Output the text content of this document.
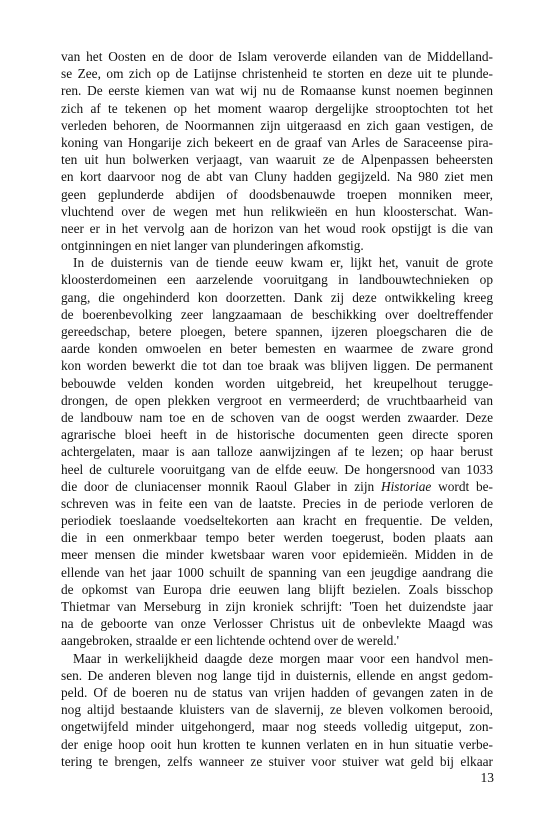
van het Oosten en de door de Islam veroverde eilanden van de Middelland-
se Zee, om zich op de Latijnse christenheid te storten en deze uit te plunde-
ren. De eerste kiemen van wat wij nu de Romaanse kunst noemen beginnen
zich af te tekenen op het moment waarop dergelijke strooptochten tot het
verleden behoren, de Noormannen zijn uitgeraasd en zich gaan vestigen, de
koning van Hongarije zich bekeert en de graaf van Arles de Saraceense pira-
ten uit hun bolwerken verjaagt, van waaruit ze de Alpenpassen beheersten
en kort daarvoor nog de abt van Cluny hadden gegijzeld. Na 980 ziet men
geen geplunderde abdijen of doodsbenauwde troepen monniken meer,
vluchtend over de wegen met hun relikwieën en hun kloosterschat. Wan-
neer er in het vervolg aan de horizon van het woud rook opstijgt is die van
ontginningen en niet langer van plunderingen afkomstig.
In de duisternis van de tiende eeuw kwam er, lijkt het, vanuit de grote
kloosterdomeinen een aarzelende vooruitgang in landbouwtechnieken op
gang, die ongehinderd kon doorzetten. Dank zij deze ontwikkeling kreeg
de boerenbevolking zeer langzaamaan de beschikking over doeltreffender
gereedschap, betere ploegen, betere spannen, ijzeren ploegscharen die de
aarde konden omwoelen en beter bemesten en waarmee de zware grond
kon worden bewerkt die tot dan toe braak was blijven liggen. De permanent
bebouwde velden konden worden uitgebreid, het kreupelhout terugge-
drongen, de open plekken vergroot en vermeerderd; de vruchtbaarheid van
de landbouw nam toe en de schoven van de oogst werden zwaarder. Deze
agrarische bloei heeft in de historische documenten geen directe sporen
achtergelaten, maar is aan talloze aanwijzingen af te lezen; op haar berust
heel de culturele vooruitgang van de elfde eeuw. De hongersnood van 1033
die door de cluniacenser monnik Raoul Glaber in zijn Historiae wordt be-
schreven was in feite een van de laatste. Precies in de periode verloren de
periodiek toeslaande voedseltekorten aan kracht en frequentie. De velden,
die in een onmerkbaar tempo beter werden toegerust, boden plaats aan
meer mensen die minder kwetsbaar waren voor epidemieën. Midden in de
ellende van het jaar 1000 schuilt de spanning van een jeugdige aandrang die
de opkomst van Europa drie eeuwen lang blijft bezielen. Zoals bisschop
Thietmar van Merseburg in zijn kroniek schrijft: 'Toen het duizendste jaar
na de geboorte van onze Verlosser Christus uit de onbevlekte Maagd was
aangebroken, straalde er een lichtende ochtend over de wereld.'
Maar in werkelijkheid daagde deze morgen maar voor een handvol men-
sen. De anderen bleven nog lange tijd in duisternis, ellende en angst gedom-
peld. Of de boeren nu de status van vrijen hadden of gevangen zaten in de
nog altijd bestaande kluisters van de slavernij, ze bleven volkomen berooid,
ongetwijfeld minder uitgehongerd, maar nog steeds volledig uitgeput, zon-
der enige hoop ooit hun krotten te kunnen verlaten en in hun situatie verbe-
tering te brengen, zelfs wanneer ze stuiver voor stuiver wat geld bij elkaar
13
